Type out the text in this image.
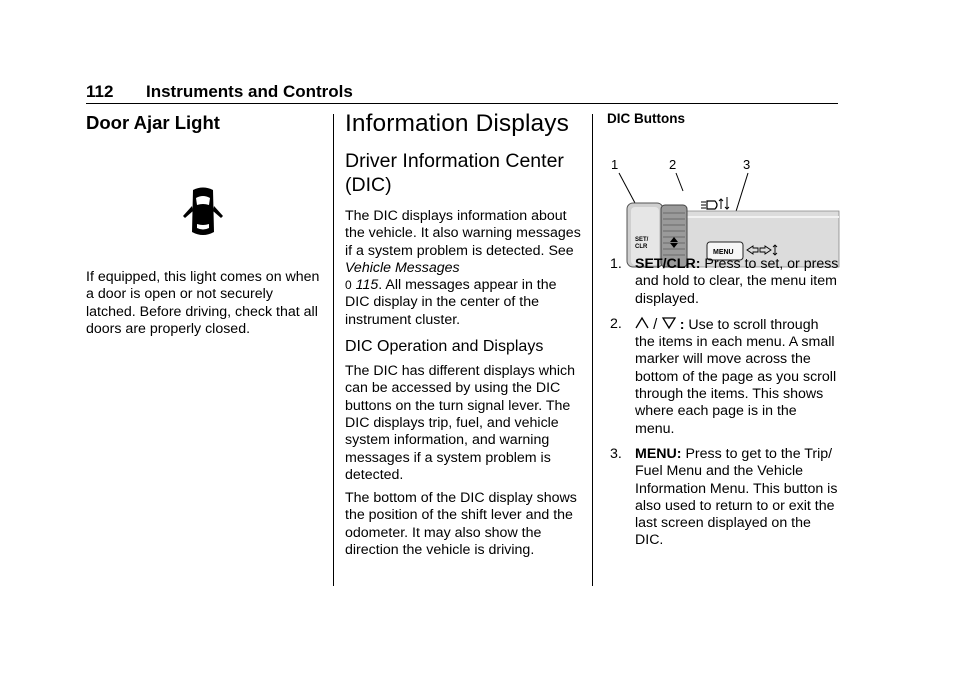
112 Instruments and Controls
Door Ajar Light

If equipped, this light comes on when a door is open or not securely latched. Before driving, check that all doors are properly closed.

Information Displays
Driver Information Center (DIC)

The DIC displays information about the vehicle. It also warning messages if a system problem is detected. See Vehicle Messages
0 115. All messages appear in the DIC display in the center of the instrument cluster.

DIC Operation and Displays

The DIC has different displays which can be accessed by using the DIC buttons on the turn signal lever. The DIC displays trip, fuel, and vehicle system information, and warning messages if a system problem is detected.

The bottom of the DIC display shows the position of the shift lever and the odometer. It may also show the direction the vehicle is driving.

DIC Buttons
1	2	3
SET/
CLR
MENU
1. SET/CLR: Press to set, or press and hold to clear, the menu item displayed.
2. /  : Use to scroll through the items in each menu. A small marker will move across the bottom of the page as you scroll through the items. This shows where each page is in the menu.
3. MENU: Press to get to the Trip/ Fuel Menu and the Vehicle Information Menu. This button is also used to return to or exit the last screen displayed on the DIC.
